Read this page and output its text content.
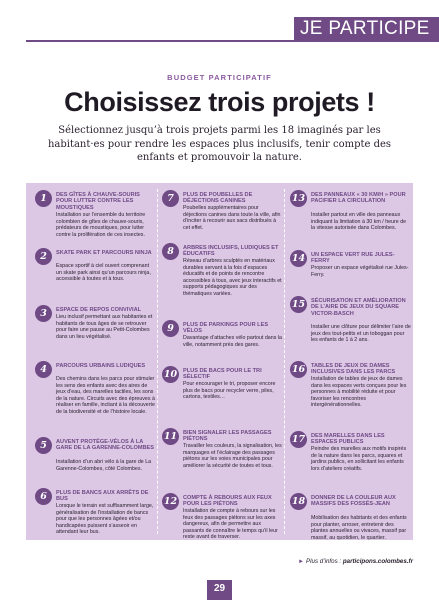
JE PARTICIPE
BUDGET PARTICIPATIF
Choisissez trois projets !

Sélectionnez jusqu’à trois projets parmi les 18 imaginés par les habitant·es pour rendre les espaces plus inclusifs, tenir compte des enfants et promouvoir la nature.

1	DES GÎTES À CHAUVE-SOURIS POUR LUTTER CONTRE LES MOUSTIQUES
Installation sur l’ensemble du territoire colombien de gîtes de chauve-souris, prédateurs de moustiques, pour lutter contre la prolifération de ces insectes.
2	SKATE PARK ET PARCOURS NINJA
Espace sportif à ciel ouvert comprenant un skate park ainsi qu’un parcours ninja, accessible à toutes et à tous.
3	ESPACE DE REPOS CONVIVIAL
Lieu inclusif permettant aux habitantes et habitants de tous âges de se retrouver pour faire une pause au Petit-Colombes dans un lieu végétalisé.
4	PARCOURS URBAINS LUDIQUES
Des chemins dans les parcs pour stimuler les sens des enfants avec des aires de jeux d’eau, des marelles tactiles, les sons de la nature. Circuits avec des épreuves à réaliser en famille, incitant à la découverte de la biodiversité et de l’histoire locale.
5	AUVENT PROTÈGE-VÉLOS À LA GARE DE LA GARENNE-COLOMBES
Installation d’un abri vélo à la gare de La Garenne-Colombes, côté Colombes.
6	PLUS DE BANCS AUX ARRÊTS DE BUS
Lorsque le terrain est suffisamment large, généralisation de l’installation de bancs pour que les personnes âgées et/ou handicapées puissent s’asseoir en attendant leur bus.
7	PLUS DE POUBELLES DE DÉJECTIONS CANINES
Poubelles supplémentaires pour déjections canines dans toute la ville, afin d’inciter à recourir aux sacs distribués à cet effet.
8	ARBRES INCLUSIFS, LUDIQUES ET ÉDUCATIFS
Réseau d’arbres sculptés en matériaux durables servant à la fois d’espaces éducatifs et de points de rencontre accessibles à tous, avec jeux interactifs et supports pédagogiques sur des thématiques variées.
9	PLUS DE PARKINGS POUR LES VÉLOS
Davantage d’attaches vélo partout dans la ville, notamment près des gares.
10	PLUS DE BACS POUR LE TRI SÉLECTIF
Pour encourager le tri, proposer encore plus de bacs pour recycler verre, piles, cartons, textiles…
11	BIEN SIGNALER LES PASSAGES PIÉTONS
Travailler les couleurs, la signalisation, les marquages et l’éclairage des passages piétons sur les voies municipales pour améliorer la sécurité de toutes et tous.
12	COMPTE À REBOURS AUX FEUX POUR LES PIÉTONS
Installation de compte à rebours sur les feux des passages piétons sur les axes dangereux, afin de permettre aux passants de connaître le temps qu’il leur reste avant de traverser.
13	DES PANNEAUX « 30 KM/H » POUR PACIFIER LA CIRCULATION
Installer partout en ville des panneaux indiquant la limitation à 30 km / heure de la vitesse autorisée dans Colombes.
14	UN ESPACE VERT RUE JULES-FERRY
Proposer un espace végétalisé rue Jules-Ferry.
15	SÉCURISATION ET AMÉLIORATION DE L’AIRE DE JEUX DU SQUARE VICTOR-BASCH
Installer une clôture pour délimiter l’aire de jeux des tout-petits et un toboggan pour les enfants de 1 à 2 ans.
16	TABLES DE JEUX DE DAMES INCLUSIVES DANS LES PARCS
Installation de tables de jeux de dames dans les espaces verts conçues pour les personnes à mobilité réduite et pour favoriser les rencontres intergénérationnelles.
17	DES MARELLES DANS LES ESPACES PUBLICS
Peindre des marelles aux motifs inspirés de la nature dans les parcs, squares et jardins publics, en sollicitant les enfants lors d’ateliers créatifs.
18	DONNER DE LA COULEUR AUX MASSIFS DES FOSSÉS-JEAN
Mobilisation des habitants et des enfants pour planter, arroser, entretenir des plantes annuelles ou vivaces, massif par massif, au quotidien, le quartier.
► Plus d’infos : participons.colombes.fr
29
